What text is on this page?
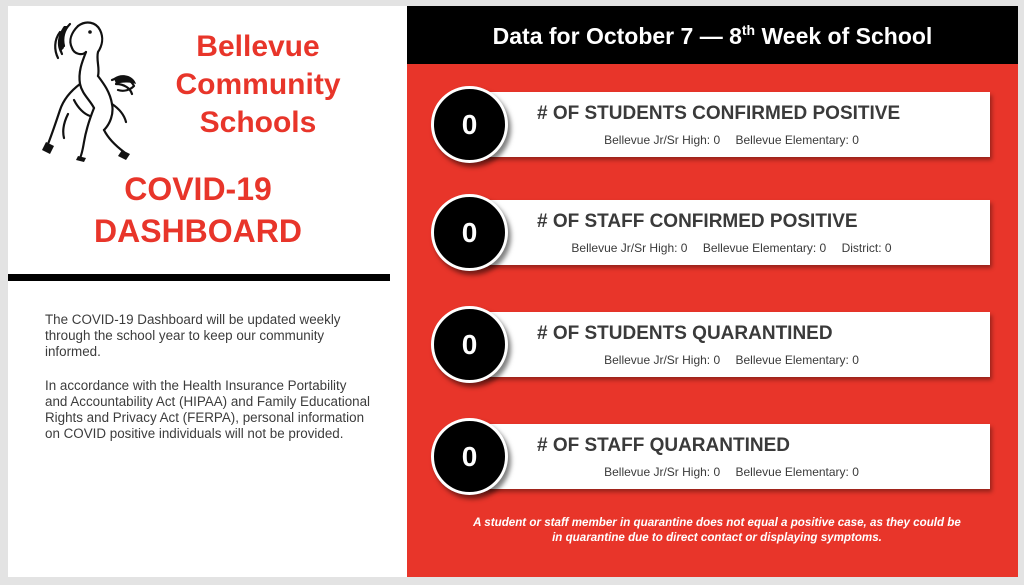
Bellevue
Community
Schools
COVID-19
DASHBOARD

The COVID-19 Dashboard will be updated weekly through the school year to keep our community informed.

In accordance with the Health Insurance Portability and Accountability Act (HIPAA) and Family Educational Rights and Privacy Act (FERPA), personal information on COVID positive individuals will not be provided.

Data for October 7 — 8th Week of School
# OF STUDENTS CONFIRMED POSITIVE
Bellevue Jr/Sr High: 0 Bellevue Elementary: 0
0
# OF STAFF CONFIRMED POSITIVE
Bellevue Jr/Sr High: 0 Bellevue Elementary: 0 District: 0
0
# OF STUDENTS QUARANTINED
Bellevue Jr/Sr High: 0 Bellevue Elementary: 0
0
# OF STAFF QUARANTINED
Bellevue Jr/Sr High: 0 Bellevue Elementary: 0
0
A student or staff member in quarantine does not equal a positive case, as they could be in quarantine due to direct contact or displaying symptoms.
